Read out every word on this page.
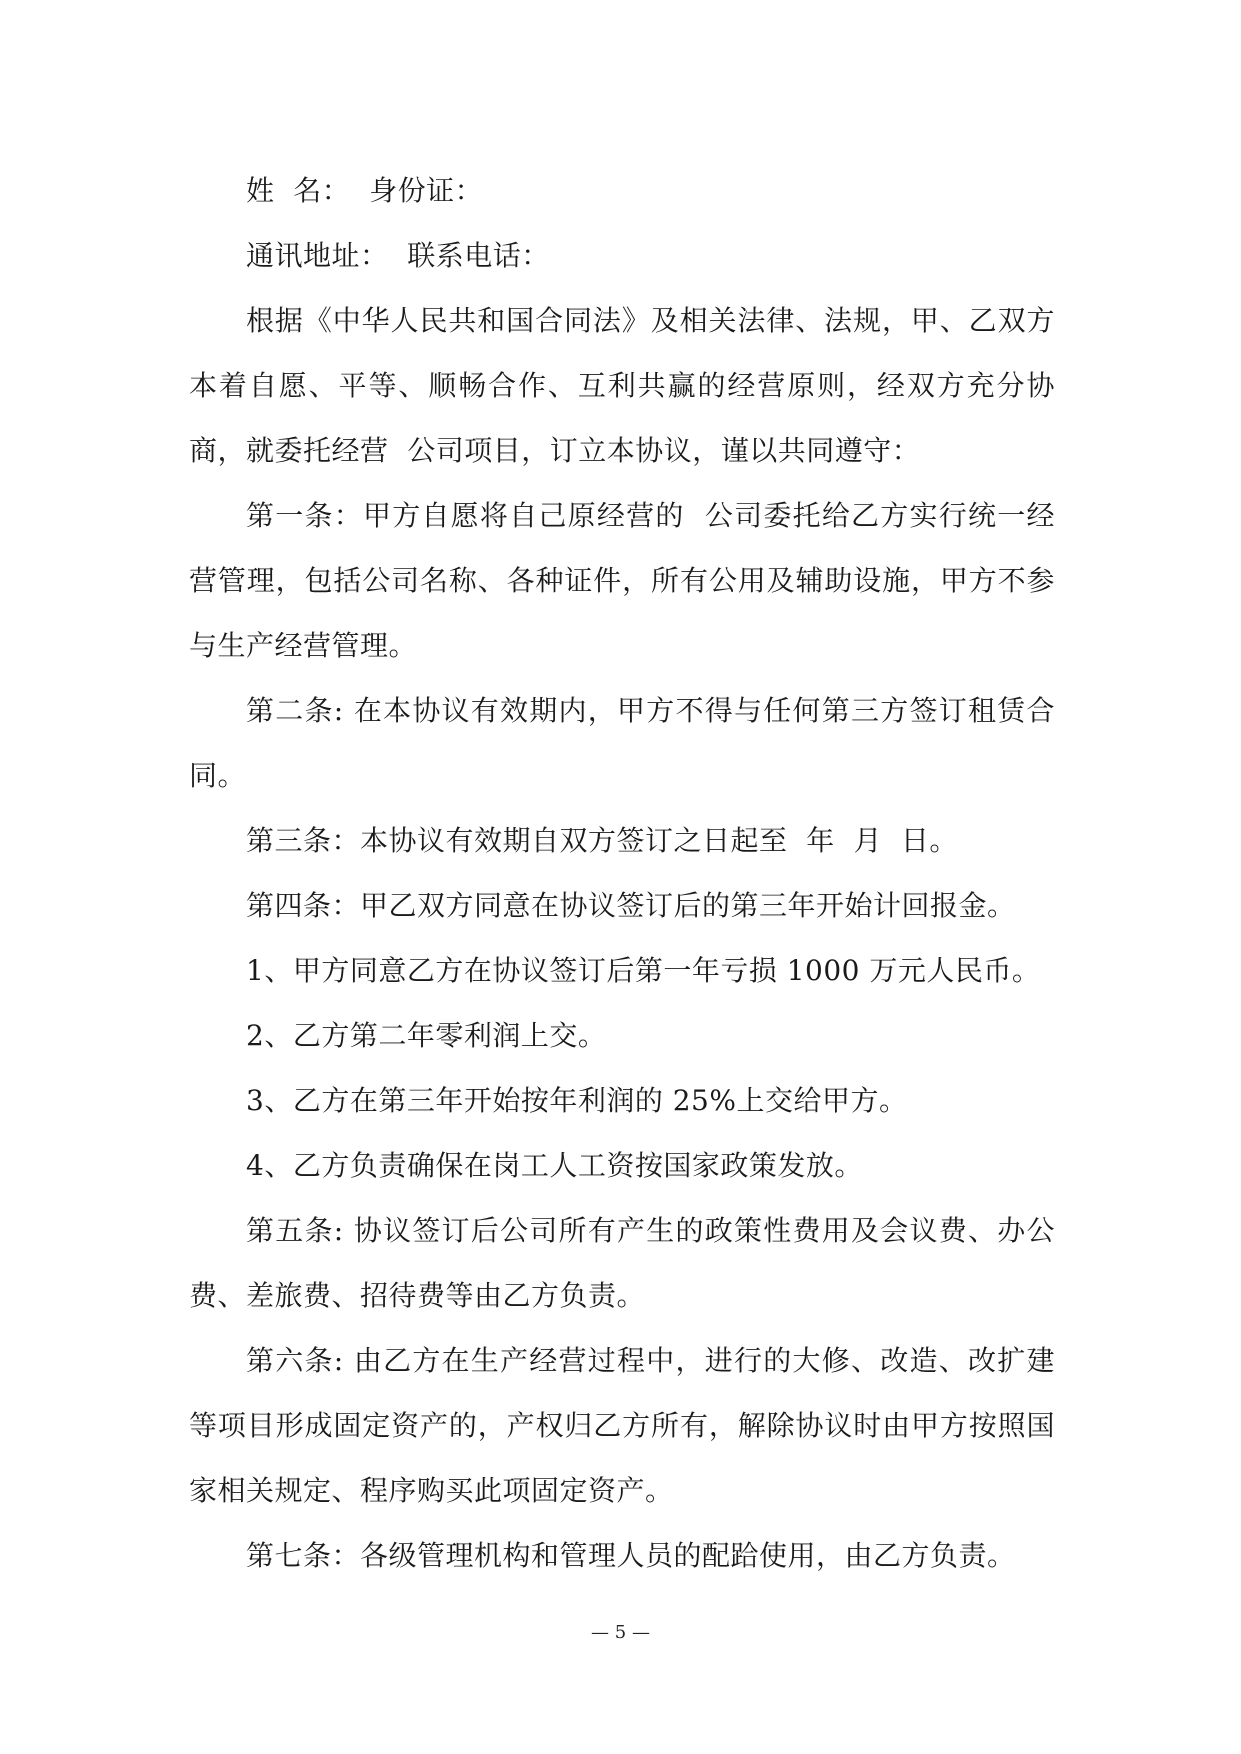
姓  名：  身份证：

通讯地址：  联系电话：

根据《中华人民共和国合同法》及相关法律、法规，甲、乙双方本着自愿、平等、顺畅合作、互利共赢的经营原则，经双方充分协商，就委托经营  公司项目，订立本协议，谨以共同遵守：

第一条：甲方自愿将自己原经营的  公司委托给乙方实行统一经营管理，包括公司名称、各种证件，所有公用及辅助设施，甲方不参与生产经营管理。

第二条: 在本协议有效期内，甲方不得与任何第三方签订租赁合同。

第三条：本协议有效期自双方签订之日起至  年  月  日。

第四条：甲乙双方同意在协议签订后的第三年开始计回报金。

1、甲方同意乙方在协议签订后第一年亏损 1000 万元人民币。

2、乙方第二年零利润上交。

3、乙方在第三年开始按年利润的 25%上交给甲方。

4、乙方负责确保在岗工人工资按国家政策发放。

第五条: 协议签订后公司所有产生的政策性费用及会议费、办公费、差旅费、招待费等由乙方负责。

第六条: 由乙方在生产经营过程中，进行的大修、改造、改扩建等项目形成固定资产的，产权归乙方所有，解除协议时由甲方按照国家相关规定、程序购买此项固定资产。

第七条：各级管理机构和管理人员的配跲使用，由乙方负责。

— 5 —
